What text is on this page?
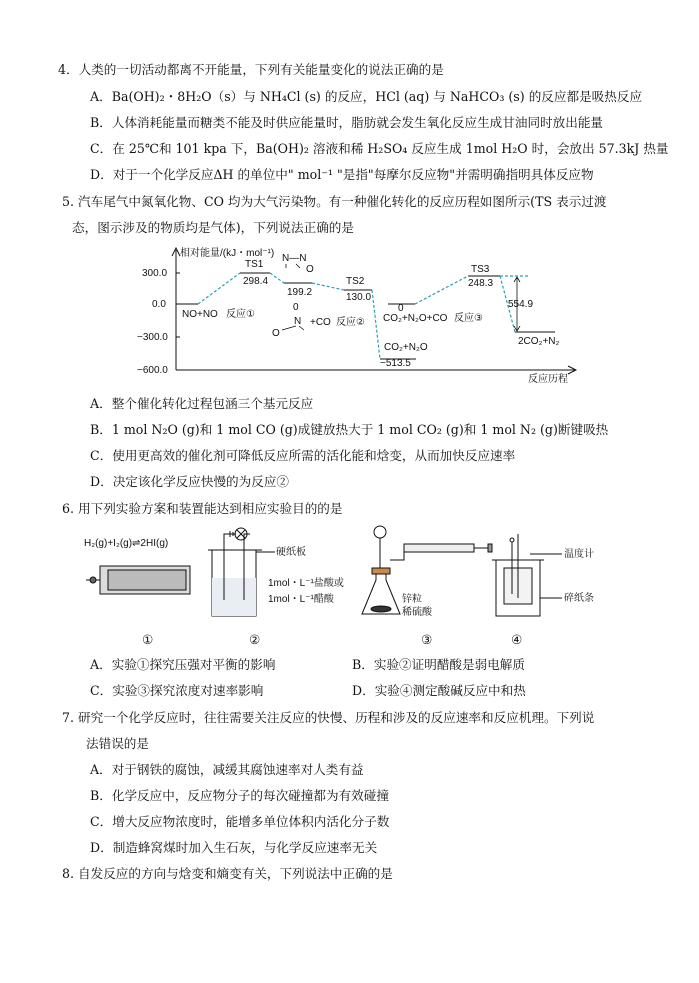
4．人类的一切活动都离不开能量，下列有关能量变化的说法正确的是
A．Ba(OH)₂・8H₂O（s）与 NH₄Cl (s) 的反应，HCl (aq) 与 NaHCO₃ (s) 的反应都是吸热反应
B．人体消耗能量而糖类不能及时供应能量时，脂肪就会发生氧化反应生成甘油同时放出能量
C．在 25℃和 101 kpa 下，Ba(OH)₂ 溶液和稀 H₂SO₄ 反应生成 1mol H₂O 时，会放出 57.3kJ 热量
D．对于一个化学反应ΔH 的单位中" mol⁻¹ "是指"每摩尔反应物"并需明确指明具体反应物
5. 汽车尾气中氮氧化物、CO 均为大气污染物。有一种催化转化的反应历程如图所示(TS 表示过渡
态，图示涉及的物质均是气体)，下列说法正确的是
相对能量/(kJ・mol⁻¹)
反应历程
300.0
0.0
−300.0
−600.0
554.9
NO+NO 反应①
TS1
298.4
N—N
O
199.2
0
N
O
+CO 反应②
TS2
130.0
0
CO₂+N₂O+CO 反应③
CO₂+N₂O
−513.5
TS3
248.3
2CO₂+N₂
A．整个催化转化过程包涵三个基元反应
B．1 mol N₂O (g)和 1 mol CO (g)成键放热大于 1 mol CO₂ (g)和 1 mol N₂ (g)断键吸热
C．使用更高效的催化剂可降低反应所需的活化能和焓变，从而加快反应速率
D．决定该化学反应快慢的为反应②
6. 用下列实验方案和装置能达到相应实验目的的是
H₂(g)+I₂(g)⇌2HI(g)
硬纸板
1mol・L⁻¹盐酸或
1mol・L⁻¹醋酸	锌粒
稀硫酸
温度计
碎纸条
①	②	③	④
A．实验①探究压强对平衡的影响	B．实验②证明醋酸是弱电解质
C．实验③探究浓度对速率影响	D．实验④测定酸碱反应中和热
7. 研究一个化学反应时，往往需要关注反应的快慢、历程和涉及的反应速率和反应机理。下列说
法错误的是
A．对于钢铁的腐蚀，减缓其腐蚀速率对人类有益
B．化学反应中，反应物分子的每次碰撞都为有效碰撞
C．增大反应物浓度时，能增多单位体积内活化分子数
D．制造蜂窝煤时加入生石灰，与化学反应速率无关
8. 自发反应的方向与焓变和熵变有关，下列说法中正确的是
